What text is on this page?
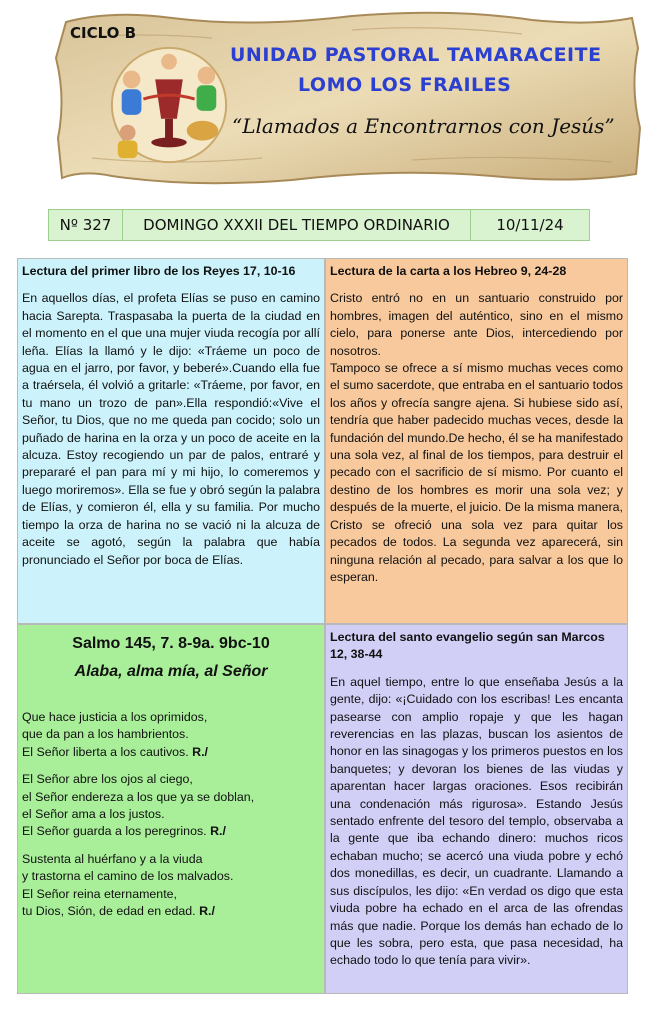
CICLO B
UNIDAD PASTORAL TAMARACEITE
LOMO LOS FRAILES
“Llamados a Encontrarnos con Jesús”
Nº 327	DOMINGO XXXII DEL TIEMPO ORDINARIO	10/11/24
Lectura del primer libro de los Reyes 17, 10-16

En aquellos días, el profeta Elías se puso en camino hacia Sarepta. Traspasaba la puerta de la ciudad en el momento en el que una mujer viuda recogía por allí leña. Elías la llamó y le dijo: «Tráeme un poco de agua en el jarro, por favor, y beberé».Cuando ella fue a traérsela, él volvió a gritarle: «Tráeme, por favor, en tu mano un trozo de pan».Ella respondió:«Vive el Señor, tu Dios, que no me queda pan cocido; solo un puñado de harina en la orza y un poco de aceite en la alcuza. Estoy recogiendo un par de palos, entraré y prepararé el pan para mí y mi hijo, lo comeremos y luego moriremos». Ella se fue y obró según la palabra de Elías, y comieron él, ella y su familia. Por mucho tiempo la orza de harina no se vació ni la alcuza de aceite se agotó, según la palabra que había pronunciado el Señor por boca de Elías.

Lectura de la carta a los Hebreo 9, 24-28

Cristo entró no en un santuario construido por hombres, imagen del auténtico, sino en el mismo cielo, para ponerse ante Dios, intercediendo por nosotros.
Tampoco se ofrece a sí mismo muchas veces como el sumo sacerdote, que entraba en el santuario todos los años y ofrecía sangre ajena. Si hubiese sido así, tendría que haber padecido muchas veces, desde la fundación del mundo.De hecho, él se ha manifestado una sola vez, al final de los tiempos, para destruir el pecado con el sacrificio de sí mismo. Por cuanto el destino de los hombres es morir una sola vez; y después de la muerte, el juicio. De la misma manera, Cristo se ofreció una sola vez para quitar los pecados de todos. La segunda vez aparecerá, sin ninguna relación al pecado, para salvar a los que lo esperan.

Salmo 145, 7. 8-9a. 9bc-10
Alaba, alma mía, al Señor
Que hace justicia a los oprimidos,
que da pan a los hambrientos.
El Señor liberta a los cautivos. R./
El Señor abre los ojos al ciego,
el Señor endereza a los que ya se doblan,
el Señor ama a los justos.
El Señor guarda a los peregrinos. R./
Sustenta al huérfano y a la viuda
y trastorna el camino de los malvados.
El Señor reina eternamente,
tu Dios, Sión, de edad en edad. R./
Lectura del santo evangelio según san Marcos 12, 38-44

En aquel tiempo, entre lo que enseñaba Jesús a la gente, dijo: «¡Cuidado con los escribas! Les encanta pasearse con amplio ropaje y que les hagan reverencias en las plazas, buscan los asientos de honor en las sinagogas y los primeros puestos en los banquetes; y devoran los bienes de las viudas y aparentan hacer largas oraciones. Esos recibirán una condenación más rigurosa». Estando Jesús sentado enfrente del tesoro del templo, observaba a la gente que iba echando dinero: muchos ricos echaban mucho; se acercó una viuda pobre y echó dos monedillas, es decir, un cuadrante. Llamando a sus discípulos, les dijo: «En verdad os digo que esta viuda pobre ha echado en el arca de las ofrendas más que nadie. Porque los demás han echado de lo que les sobra, pero esta, que pasa necesidad, ha echado todo lo que tenía para vivir».
